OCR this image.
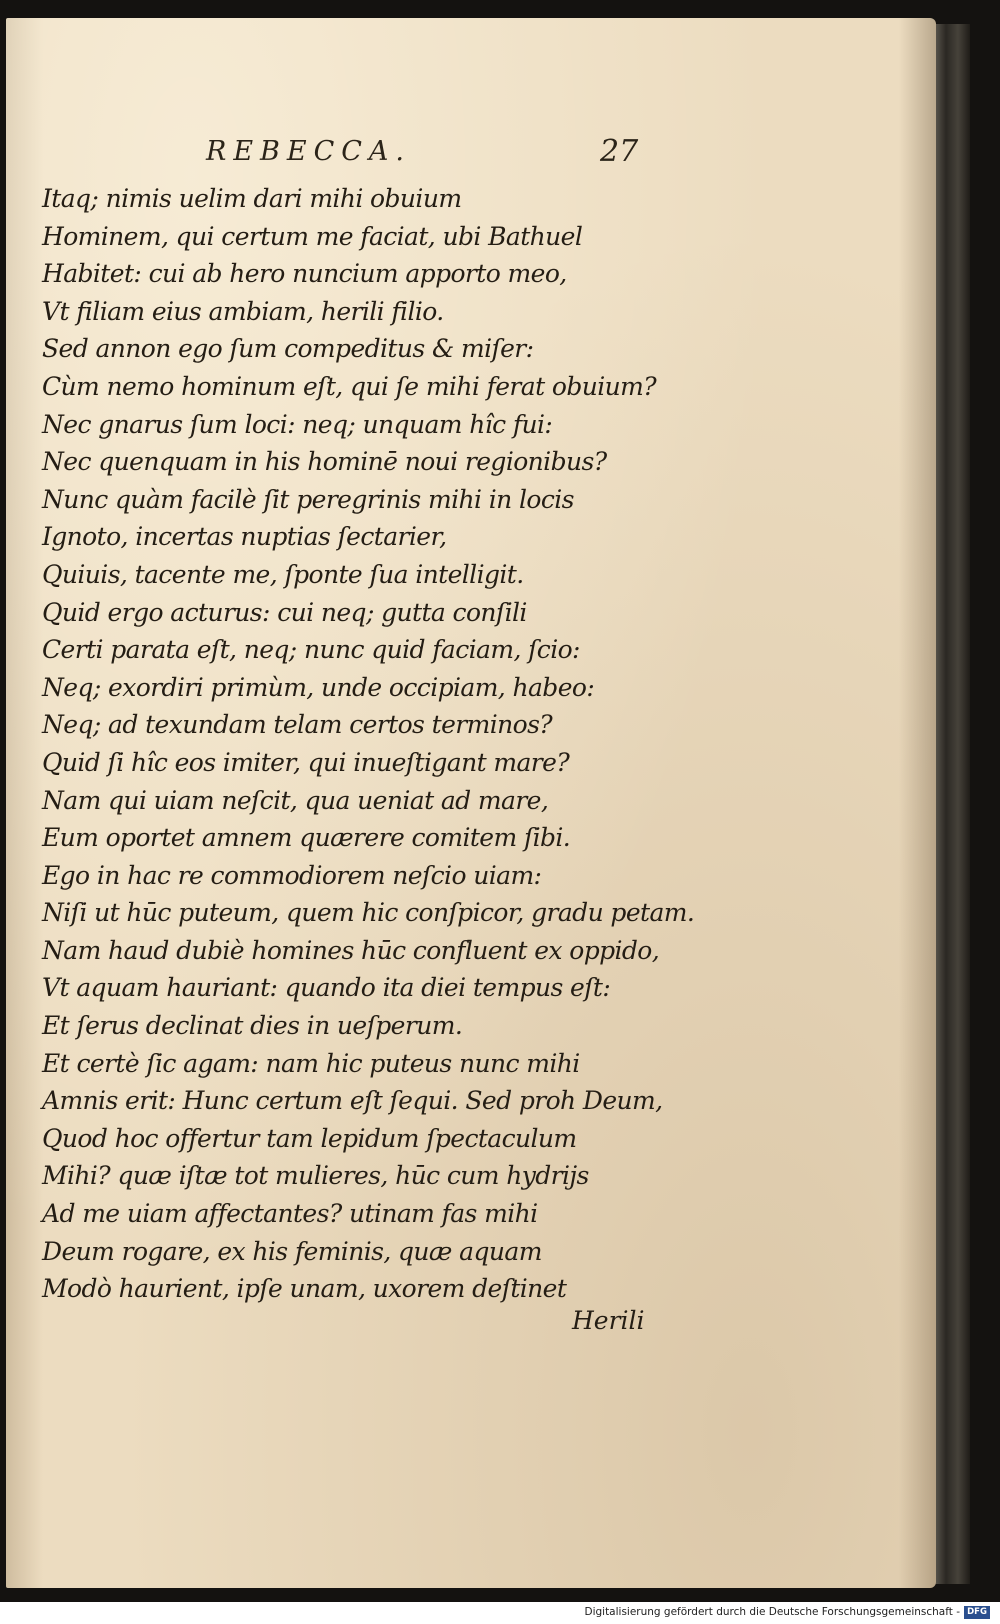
REBECCA.	27
Itaq; nimis uelim dari mihi obuium
Hominem, qui certum me faciat, ubi Bathuel
Habitet: cui ab hero nuncium apporto meo,
Vt filiam eius ambiam, herili filio.
Sed annon ego ſum compeditus & miſer:
Cùm nemo hominum eſt, qui ſe mihi ferat obuium?
Nec gnarus ſum loci: neq; unquam hîc fui:
Nec quenquam in his hominē noui regionibus?
Nunc quàm facilè ſit peregrinis mihi in locis
Ignoto, incertas nuptias ſectarier,
Quiuis, tacente me, ſponte ſua intelligit.
Quid ergo acturus: cui neq; gutta conſili
Certi parata eſt, neq; nunc quid faciam, ſcio:
Neq; exordiri primùm, unde occipiam, habeo:
Neq; ad texundam telam certos terminos?
Quid ſi hîc eos imiter, qui inueſtigant mare?
Nam qui uiam neſcit, qua ueniat ad mare,
Eum oportet amnem quærere comitem ſibi.
Ego in hac re commodiorem neſcio uiam:
Niſi ut hūc puteum, quem hic conſpicor, gradu petam.
Nam haud dubiè homines hūc confluent ex oppido,
Vt aquam hauriant: quando ita diei tempus eſt:
Et ſerus declinat dies in ueſperum.
Et certè ſic agam: nam hic puteus nunc mihi
Amnis erit: Hunc certum eſt ſequi. Sed proh Deum,
Quod hoc offertur tam lepidum ſpectaculum
Mihi? quæ iſtæ tot mulieres, hūc cum hydrijs
Ad me uiam affectantes? utinam fas mihi
Deum rogare, ex his feminis, quæ aquam
Modò haurient, ipſe unam, uxorem deſtinet
Herili
Digitalisierung gefördert durch die Deutsche Forschungsgemeinschaft - DFG
